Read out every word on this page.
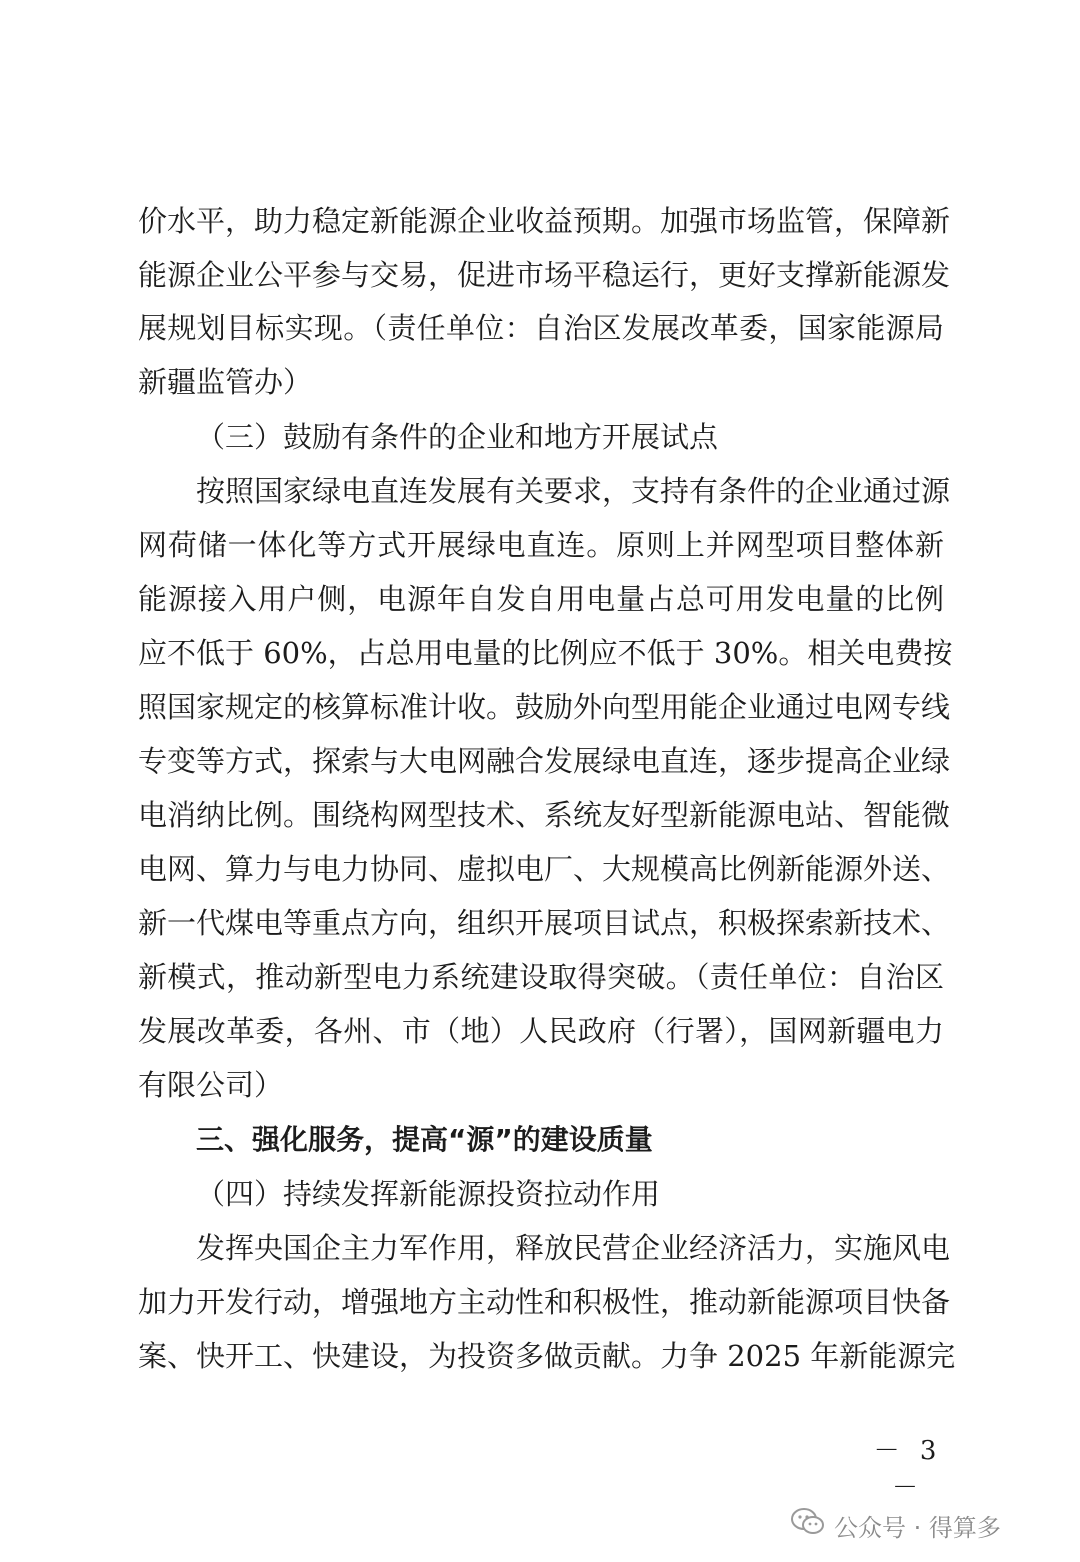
价水平，助力稳定新能源企业收益预期。加强市场监管，保障新
能源企业公平参与交易，促进市场平稳运行，更好支撑新能源发
展规划目标实现。（责任单位：自治区发展改革委，国家能源局
新疆监管办）
（三）鼓励有条件的企业和地方开展试点
按照国家绿电直连发展有关要求，支持有条件的企业通过源
网荷储一体化等方式开展绿电直连。原则上并网型项目整体新
能源接入用户侧，电源年自发自用电量占总可用发电量的比例
应不低于 60%，占总用电量的比例应不低于 30%。相关电费按
照国家规定的核算标准计收。鼓励外向型用能企业通过电网专线
专变等方式，探索与大电网融合发展绿电直连，逐步提高企业绿
电消纳比例。围绕构网型技术、系统友好型新能源电站、智能微
电网、算力与电力协同、虚拟电厂、大规模高比例新能源外送、
新一代煤电等重点方向，组织开展项目试点，积极探索新技术、
新模式，推动新型电力系统建设取得突破。（责任单位：自治区
发展改革委，各州、市（地）人民政府（行署），国网新疆电力
有限公司）
三、强化服务，提高“源”的建设质量
（四）持续发挥新能源投资拉动作用
发挥央国企主力军作用，释放民营企业经济活力，实施风电
加力开发行动，增强地方主动性和积极性，推动新能源项目快备
案、快开工、快建设，为投资多做贡献。力争 2025 年新能源完
－ 3 －
公众号 · 得算多
